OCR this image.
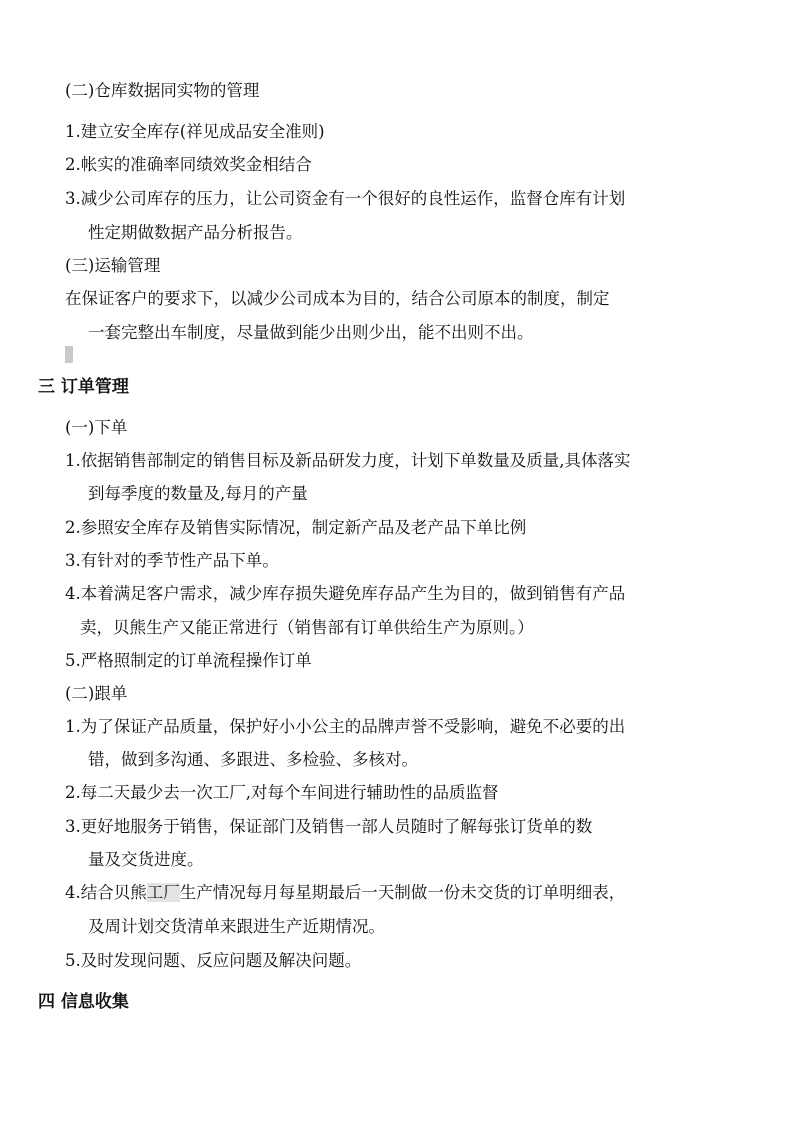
(二)仓库数据同实物的管理
1.建立安全库存(祥见成品安全准则)
2.帐实的准确率同绩效奖金相结合
3.减少公司库存的压力，让公司资金有一个很好的良性运作，监督仓库有计划
性定期做数据产品分析报告。
(三)运输管理
在保证客户的要求下，以减少公司成本为目的，结合公司原本的制度，制定
一套完整出车制度，尽量做到能少出则少出，能不出则不出。
三 订单管理
(一)下单
1.依据销售部制定的销售目标及新品研发力度，计划下单数量及质量,具体落实
到每季度的数量及,每月的产量
2.参照安全库存及销售实际情况，制定新产品及老产品下单比例
3.有针对的季节性产品下单。
4.本着满足客户需求，减少库存损失避免库存品产生为目的，做到销售有产品
卖，贝熊生产又能正常进行（销售部有订单供给生产为原则。）
5.严格照制定的订单流程操作订单
(二)跟单
1.为了保证产品质量，保护好小小公主的品牌声誉不受影响，避免不必要的出
错，做到多沟通、多跟进、多检验、多核对。
2.每二天最少去一次工厂,对每个车间进行辅助性的品质监督
3.更好地服务于销售，保证部门及销售一部人员随时了解每张订货单的数
量及交货进度。
4.结合贝熊工厂生产情况每月每星期最后一天制做一份未交货的订单明细表，
及周计划交货清单来跟进生产近期情况。
5.及时发现问题、反应问题及解决问题。
四 信息收集
